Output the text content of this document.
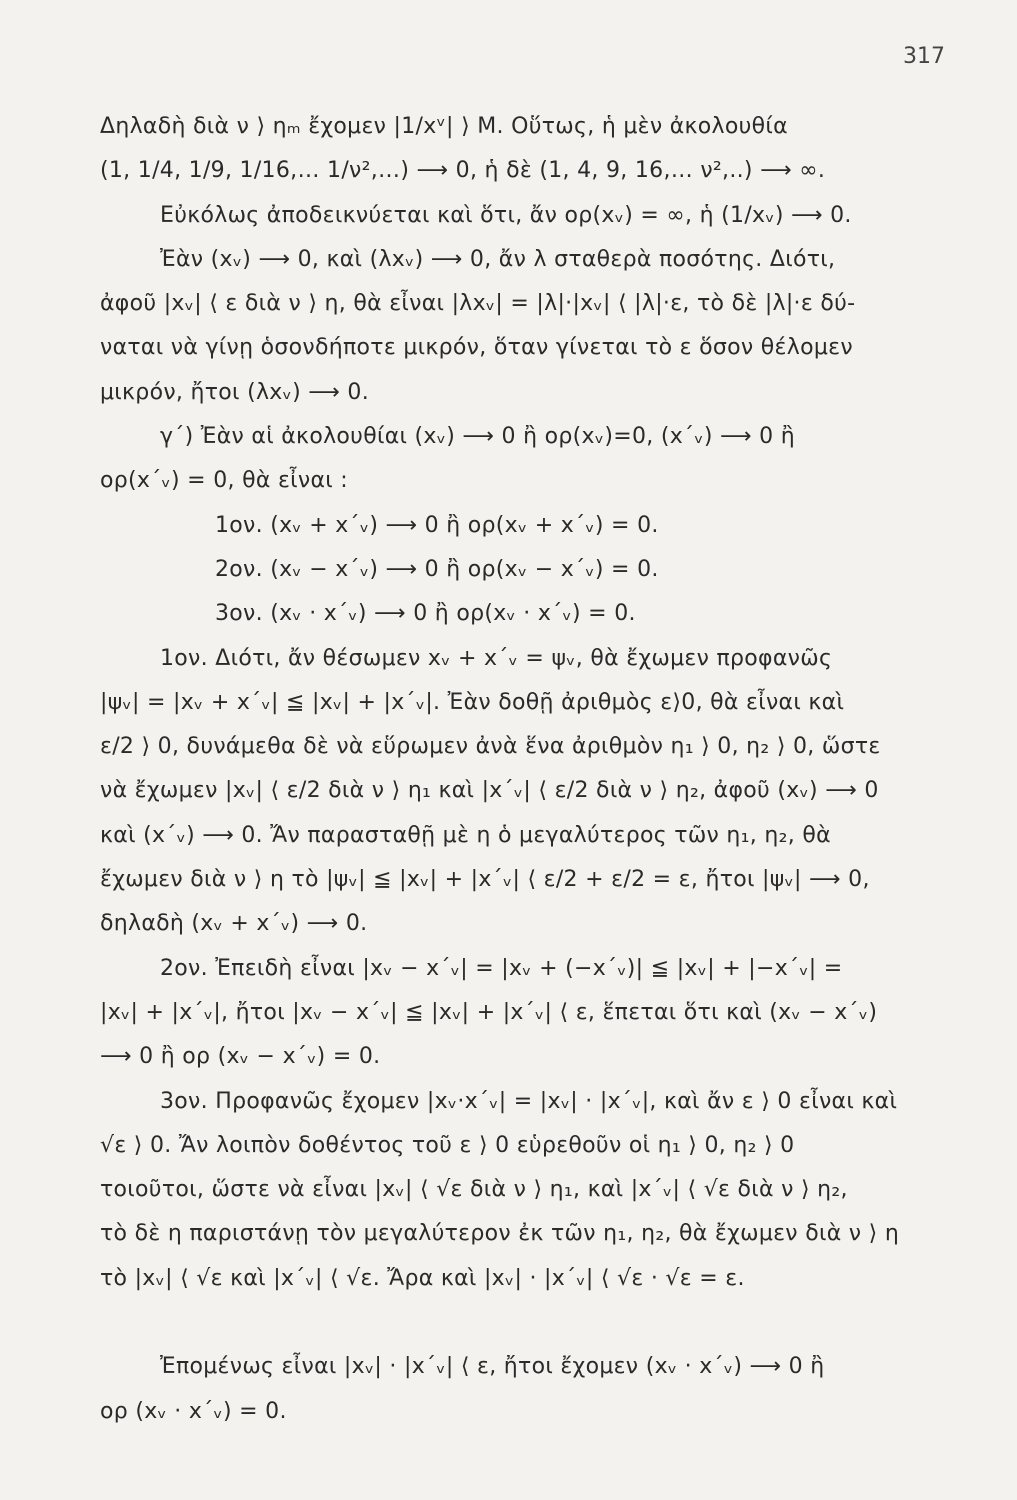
317
Δηλαδὴ διὰ ν ⟩ ηₘ ἔχομεν |1/xᵛ| ⟩ Μ. Οὕτως, ἡ μὲν ἀκολουθία
(1, 1/4, 1/9, 1/16,… 1/ν²,…) ⟶ 0, ἡ δὲ (1, 4, 9, 16,… ν²,..) ⟶ ∞.
Εὐκόλως ἀποδεικνύεται καὶ ὅτι, ἄν ορ(xᵥ) = ∞, ἡ (1/xᵥ) ⟶ 0.
Ἐὰν (xᵥ) ⟶ 0, καὶ (λxᵥ) ⟶ 0, ἄν λ σταθερὰ ποσότης. Διότι,
ἀφοῦ |xᵥ| ⟨ ε διὰ ν ⟩ η, θὰ εἶναι |λxᵥ| = |λ|·|xᵥ| ⟨ |λ|·ε, τὸ δὲ |λ|·ε δύ-
ναται νὰ γίνῃ ὁσονδήποτε μικρόν, ὅταν γίνεται τὸ ε ὅσον θέλομεν
μικρόν, ἤτοι (λxᵥ) ⟶ 0.
γ΄) Ἐὰν αἱ ἀκολουθίαι (xᵥ) ⟶ 0 ἢ ορ(xᵥ)=0, (x΄ᵥ) ⟶ 0 ἢ
ορ(x΄ᵥ) = 0, θὰ εἶναι :
1ον. (xᵥ + x΄ᵥ) ⟶ 0 ἢ ορ(xᵥ + x΄ᵥ) = 0.
2ον. (xᵥ − x΄ᵥ) ⟶ 0 ἢ ορ(xᵥ − x΄ᵥ) = 0.
3ον. (xᵥ · x΄ᵥ) ⟶ 0 ἢ ορ(xᵥ · x΄ᵥ) = 0.
1ον. Διότι, ἄν θέσωμεν xᵥ + x΄ᵥ = ψᵥ, θὰ ἔχωμεν προφανῶς
|ψᵥ| = |xᵥ + x΄ᵥ| ≦ |xᵥ| + |x΄ᵥ|. Ἐὰν δοθῇ ἀριθμὸς ε⟩0, θὰ εἶναι καὶ
ε/2 ⟩ 0, δυνάμεθα δὲ νὰ εὕρωμεν ἀνὰ ἕνα ἀριθμὸν η₁ ⟩ 0, η₂ ⟩ 0, ὥστε
νὰ ἔχωμεν |xᵥ| ⟨ ε/2 διὰ ν ⟩ η₁ καὶ |x΄ᵥ| ⟨ ε/2 διὰ ν ⟩ η₂, ἀφοῦ (xᵥ) ⟶ 0
καὶ (x΄ᵥ) ⟶ 0. Ἄν παρασταθῇ μὲ η ὁ μεγαλύτερος τῶν η₁, η₂, θὰ
ἔχωμεν διὰ ν ⟩ η τὸ |ψᵥ| ≦ |xᵥ| + |x΄ᵥ| ⟨ ε/2 + ε/2 = ε, ἤτοι |ψᵥ| ⟶ 0,
δηλαδὴ (xᵥ + x΄ᵥ) ⟶ 0.
2ον. Ἐπειδὴ εἶναι |xᵥ − x΄ᵥ| = |xᵥ + (−x΄ᵥ)| ≦ |xᵥ| + |−x΄ᵥ| =
|xᵥ| + |x΄ᵥ|, ἤτοι |xᵥ − x΄ᵥ| ≦ |xᵥ| + |x΄ᵥ| ⟨ ε, ἕπεται ὅτι καὶ (xᵥ − x΄ᵥ)
⟶ 0 ἢ ορ (xᵥ − x΄ᵥ) = 0.
3ον. Προφανῶς ἔχομεν |xᵥ·x΄ᵥ| = |xᵥ| · |x΄ᵥ|, καὶ ἄν ε ⟩ 0 εἶναι καὶ
√ε ⟩ 0. Ἄν λοιπὸν δοθέντος τοῦ ε ⟩ 0 εὑρεθοῦν οἱ η₁ ⟩ 0, η₂ ⟩ 0
τοιοῦτοι, ὥστε νὰ εἶναι |xᵥ| ⟨ √ε διὰ ν ⟩ η₁, καὶ |x΄ᵥ| ⟨ √ε διὰ ν ⟩ η₂,
τὸ δὲ η παριστάνῃ τὸν μεγαλύτερον ἐκ τῶν η₁, η₂, θὰ ἔχωμεν διὰ ν ⟩ η
τὸ |xᵥ| ⟨ √ε καὶ |x΄ᵥ| ⟨ √ε. Ἄρα καὶ |xᵥ| · |x΄ᵥ| ⟨ √ε · √ε = ε.
Ἐπομένως εἶναι |xᵥ| · |x΄ᵥ| ⟨ ε, ἤτοι ἔχομεν (xᵥ · x΄ᵥ) ⟶ 0 ἢ
ορ (xᵥ · x΄ᵥ) = 0.
